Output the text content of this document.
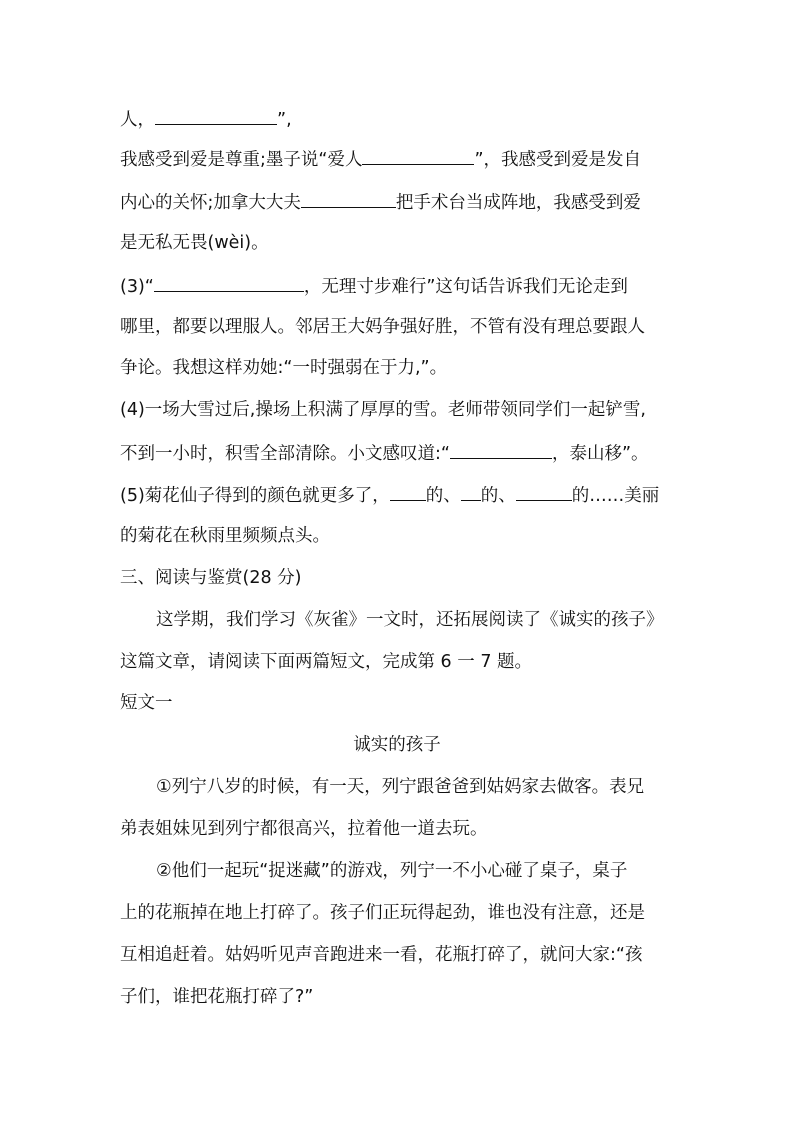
人，	”,
我感受到爱是尊重;墨子说“爱人	”，我感受到爱是发自
内心的关怀;加拿大大夫	把手术台当成阵地，我感受到爱
是无私无畏(wèi)。
(3)“	，无理寸步难行”这句话告诉我们无论走到
哪里，都要以理服人。邻居王大妈争强好胜，不管有没有理总要跟人
争论。我想这样劝她:“一时强弱在于力,”。
(4)一场大雪过后,操场上积满了厚厚的雪。老师带领同学们一起铲雪,
不到一小时，积雪全部清除。小文感叹道:“	，泰山移”。
(5)菊花仙子得到的颜色就更多了， 的、 的、	的……美丽
的菊花在秋雨里频频点头。
三、阅读与鉴赏(28 分)
这学期，我们学习《灰雀》一文时，还拓展阅读了《诚实的孩子》
这篇文章，请阅读下面两篇短文，完成第 6 一 7 题。
短文一
诚实的孩子
①列宁八岁的时候，有一天，列宁跟爸爸到姑妈家去做客。表兄
弟表姐妹见到列宁都很高兴，拉着他一道去玩。
②他们一起玩“捉迷藏”的游戏，列宁一不小心碰了桌子，桌子
上的花瓶掉在地上打碎了。孩子们正玩得起劲，谁也没有注意，还是
互相追赶着。姑妈听见声音跑进来一看，花瓶打碎了，就问大家:“孩
子们，谁把花瓶打碎了?”
